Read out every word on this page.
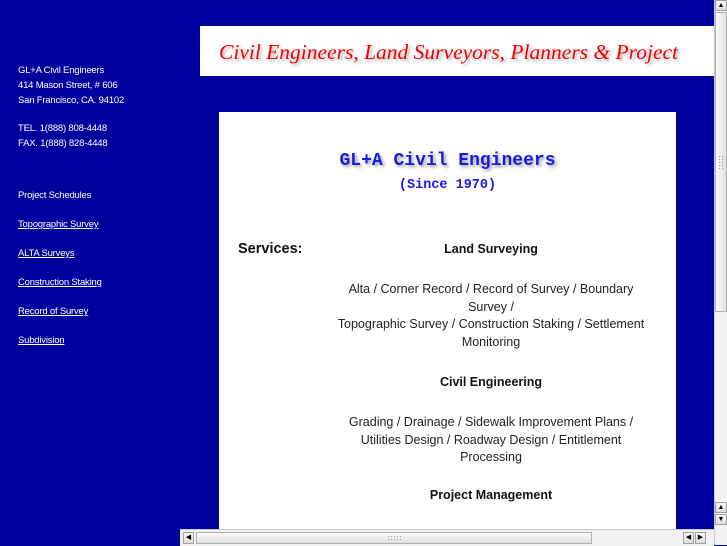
GL+A Civil Engineers
414 Mason Street, # 606
San Francisco, CA. 94102
TEL. 1(888) 808-4448
FAX. 1(888) 828-4448
Project Schedules
Topographic Survey
ALTA Surveys
Construction Staking
Record of Survey
Subdivision
Civil Engineers, Land Surveyors, Planners & Project
GL+A Civil Engineers
(Since 1970)
Services:	Land Surveying
Alta / Corner Record / Record of Survey / Boundary
Survey /
Topographic Survey / Construction Staking / Settlement
Monitoring
Civil Engineering
Grading / Drainage / Sidewalk Improvement Plans /
Utilities Design / Roadway Design / Entitlement
Processing
Project Management
▲
▲
▼
◀	◀ ▶
